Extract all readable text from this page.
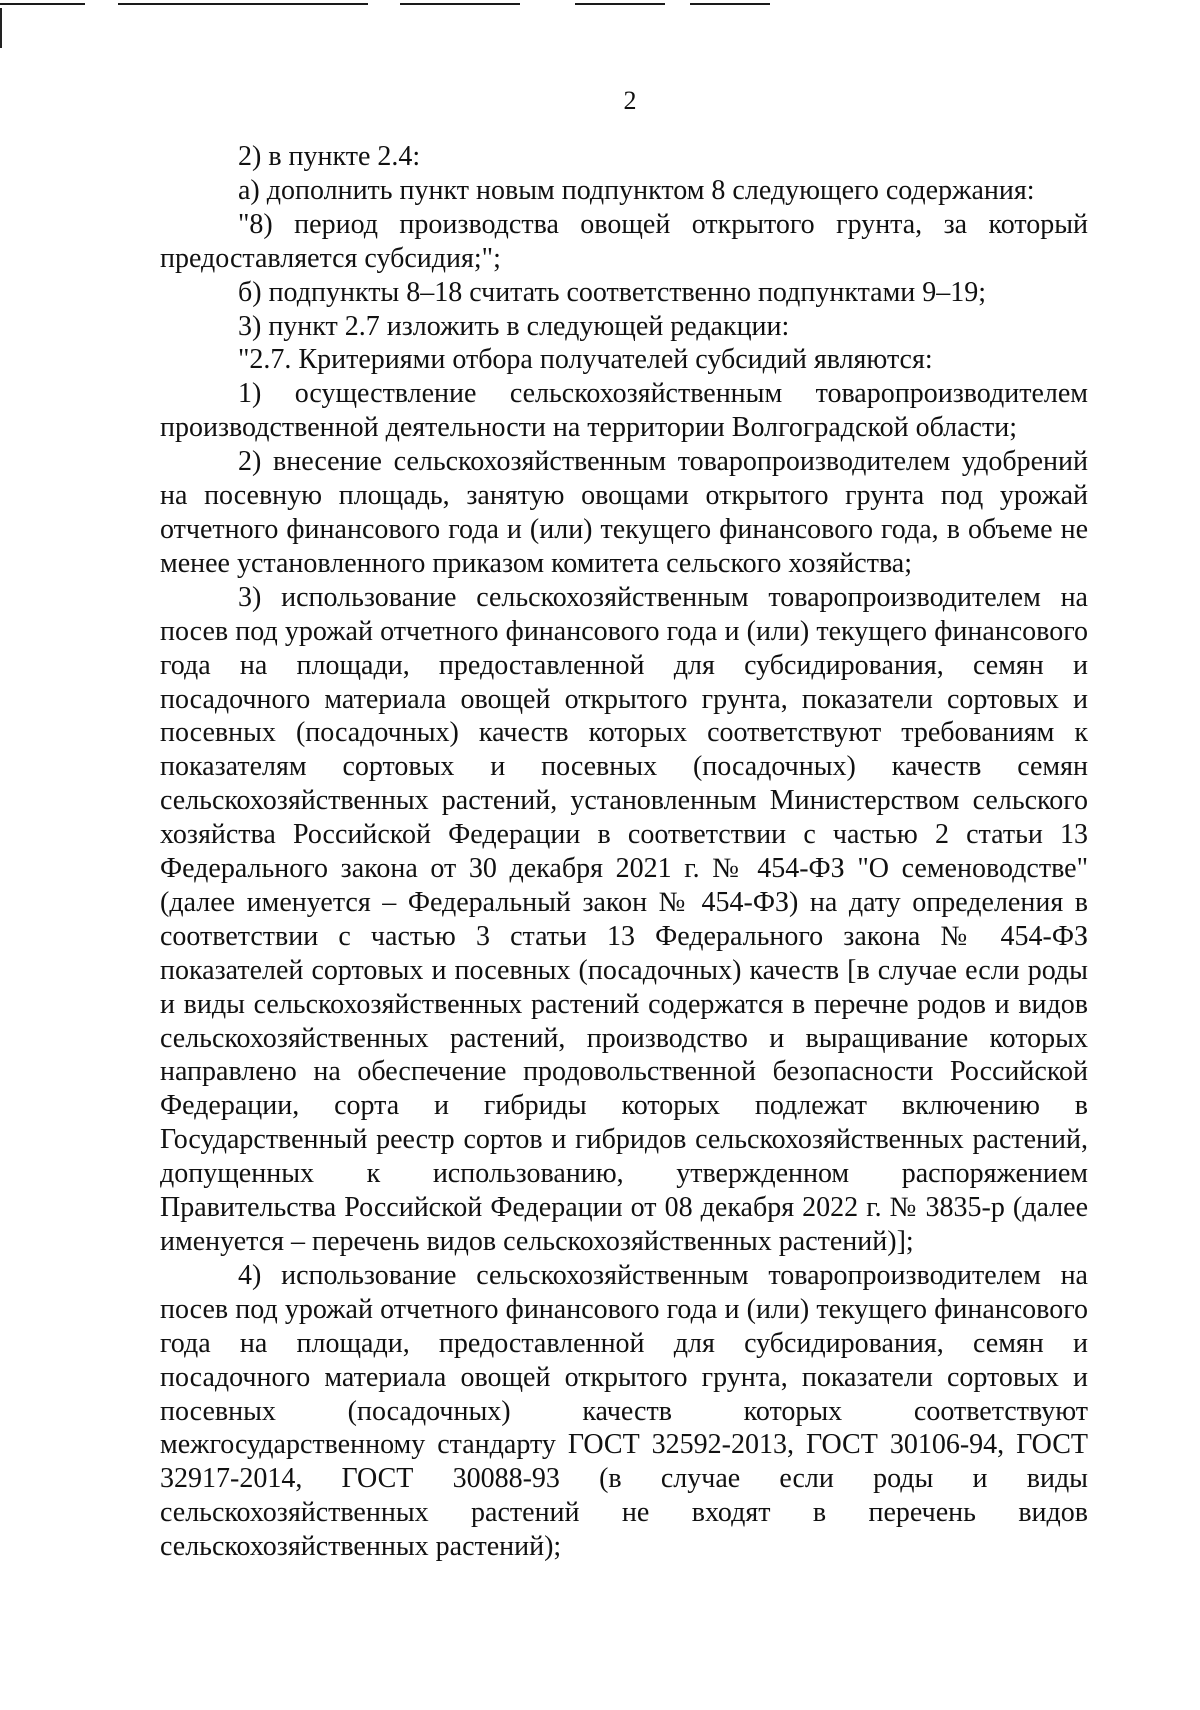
2

2) в пункте 2.4:

а) дополнить пункт новым подпунктом 8 следующего содержания:

"8) период производства овощей открытого грунта, за который предоставляется субсидия;";

б) подпункты 8–18 считать соответственно подпунктами 9–19;

3) пункт 2.7 изложить в следующей редакции:

"2.7. Критериями отбора получателей субсидий являются:

1) осуществление сельскохозяйственным товаропроизводителем производственной деятельности на территории Волгоградской области;

2) внесение сельскохозяйственным товаропроизводителем удобрений на посевную площадь, занятую овощами открытого грунта под урожай отчетного финансового года и (или) текущего финансового года, в объеме не менее установленного приказом комитета сельского хозяйства;

3) использование сельскохозяйственным товаропроизводителем на посев под урожай отчетного финансового года и (или) текущего финансового года на площади, предоставленной для субсидирования, семян и посадочного материала овощей открытого грунта, показатели сортовых и посевных (посадочных) качеств которых соответствуют требованиям к показателям сортовых и посевных (посадочных) качеств семян сельскохозяйственных растений, установленным Министерством сельского хозяйства Российской Федерации в соответствии с частью 2 статьи 13 Федерального закона от 30 декабря 2021 г. № 454-ФЗ "О семеноводстве" (далее именуется – Федеральный закон № 454-ФЗ) на дату определения в соответствии с частью 3 статьи 13 Федерального закона № 454-ФЗ показателей сортовых и посевных (посадочных) качеств [в случае если роды и виды сельскохозяйственных растений содержатся в перечне родов и видов сельскохозяйственных растений, производство и выращивание которых направлено на обеспечение продовольственной безопасности Российской Федерации, сорта и гибриды которых подлежат включению в Государственный реестр сортов и гибридов сельскохозяйственных растений, допущенных к использованию, утвержденном распоряжением Правительства Российской Федерации от 08 декабря 2022 г. № 3835-р (далее именуется – перечень видов сельскохозяйственных растений)];

4) использование сельскохозяйственным товаропроизводителем на посев под урожай отчетного финансового года и (или) текущего финансового года на площади, предоставленной для субсидирования, семян и посадочного материала овощей открытого грунта, показатели сортовых и посевных (посадочных) качеств которых соответствуют межгосударственному стандарту ГОСТ 32592-2013, ГОСТ 30106-94, ГОСТ 32917-2014, ГОСТ 30088-93 (в случае если роды и виды сельскохозяйственных растений не входят в перечень видов сельскохозяйственных растений);
